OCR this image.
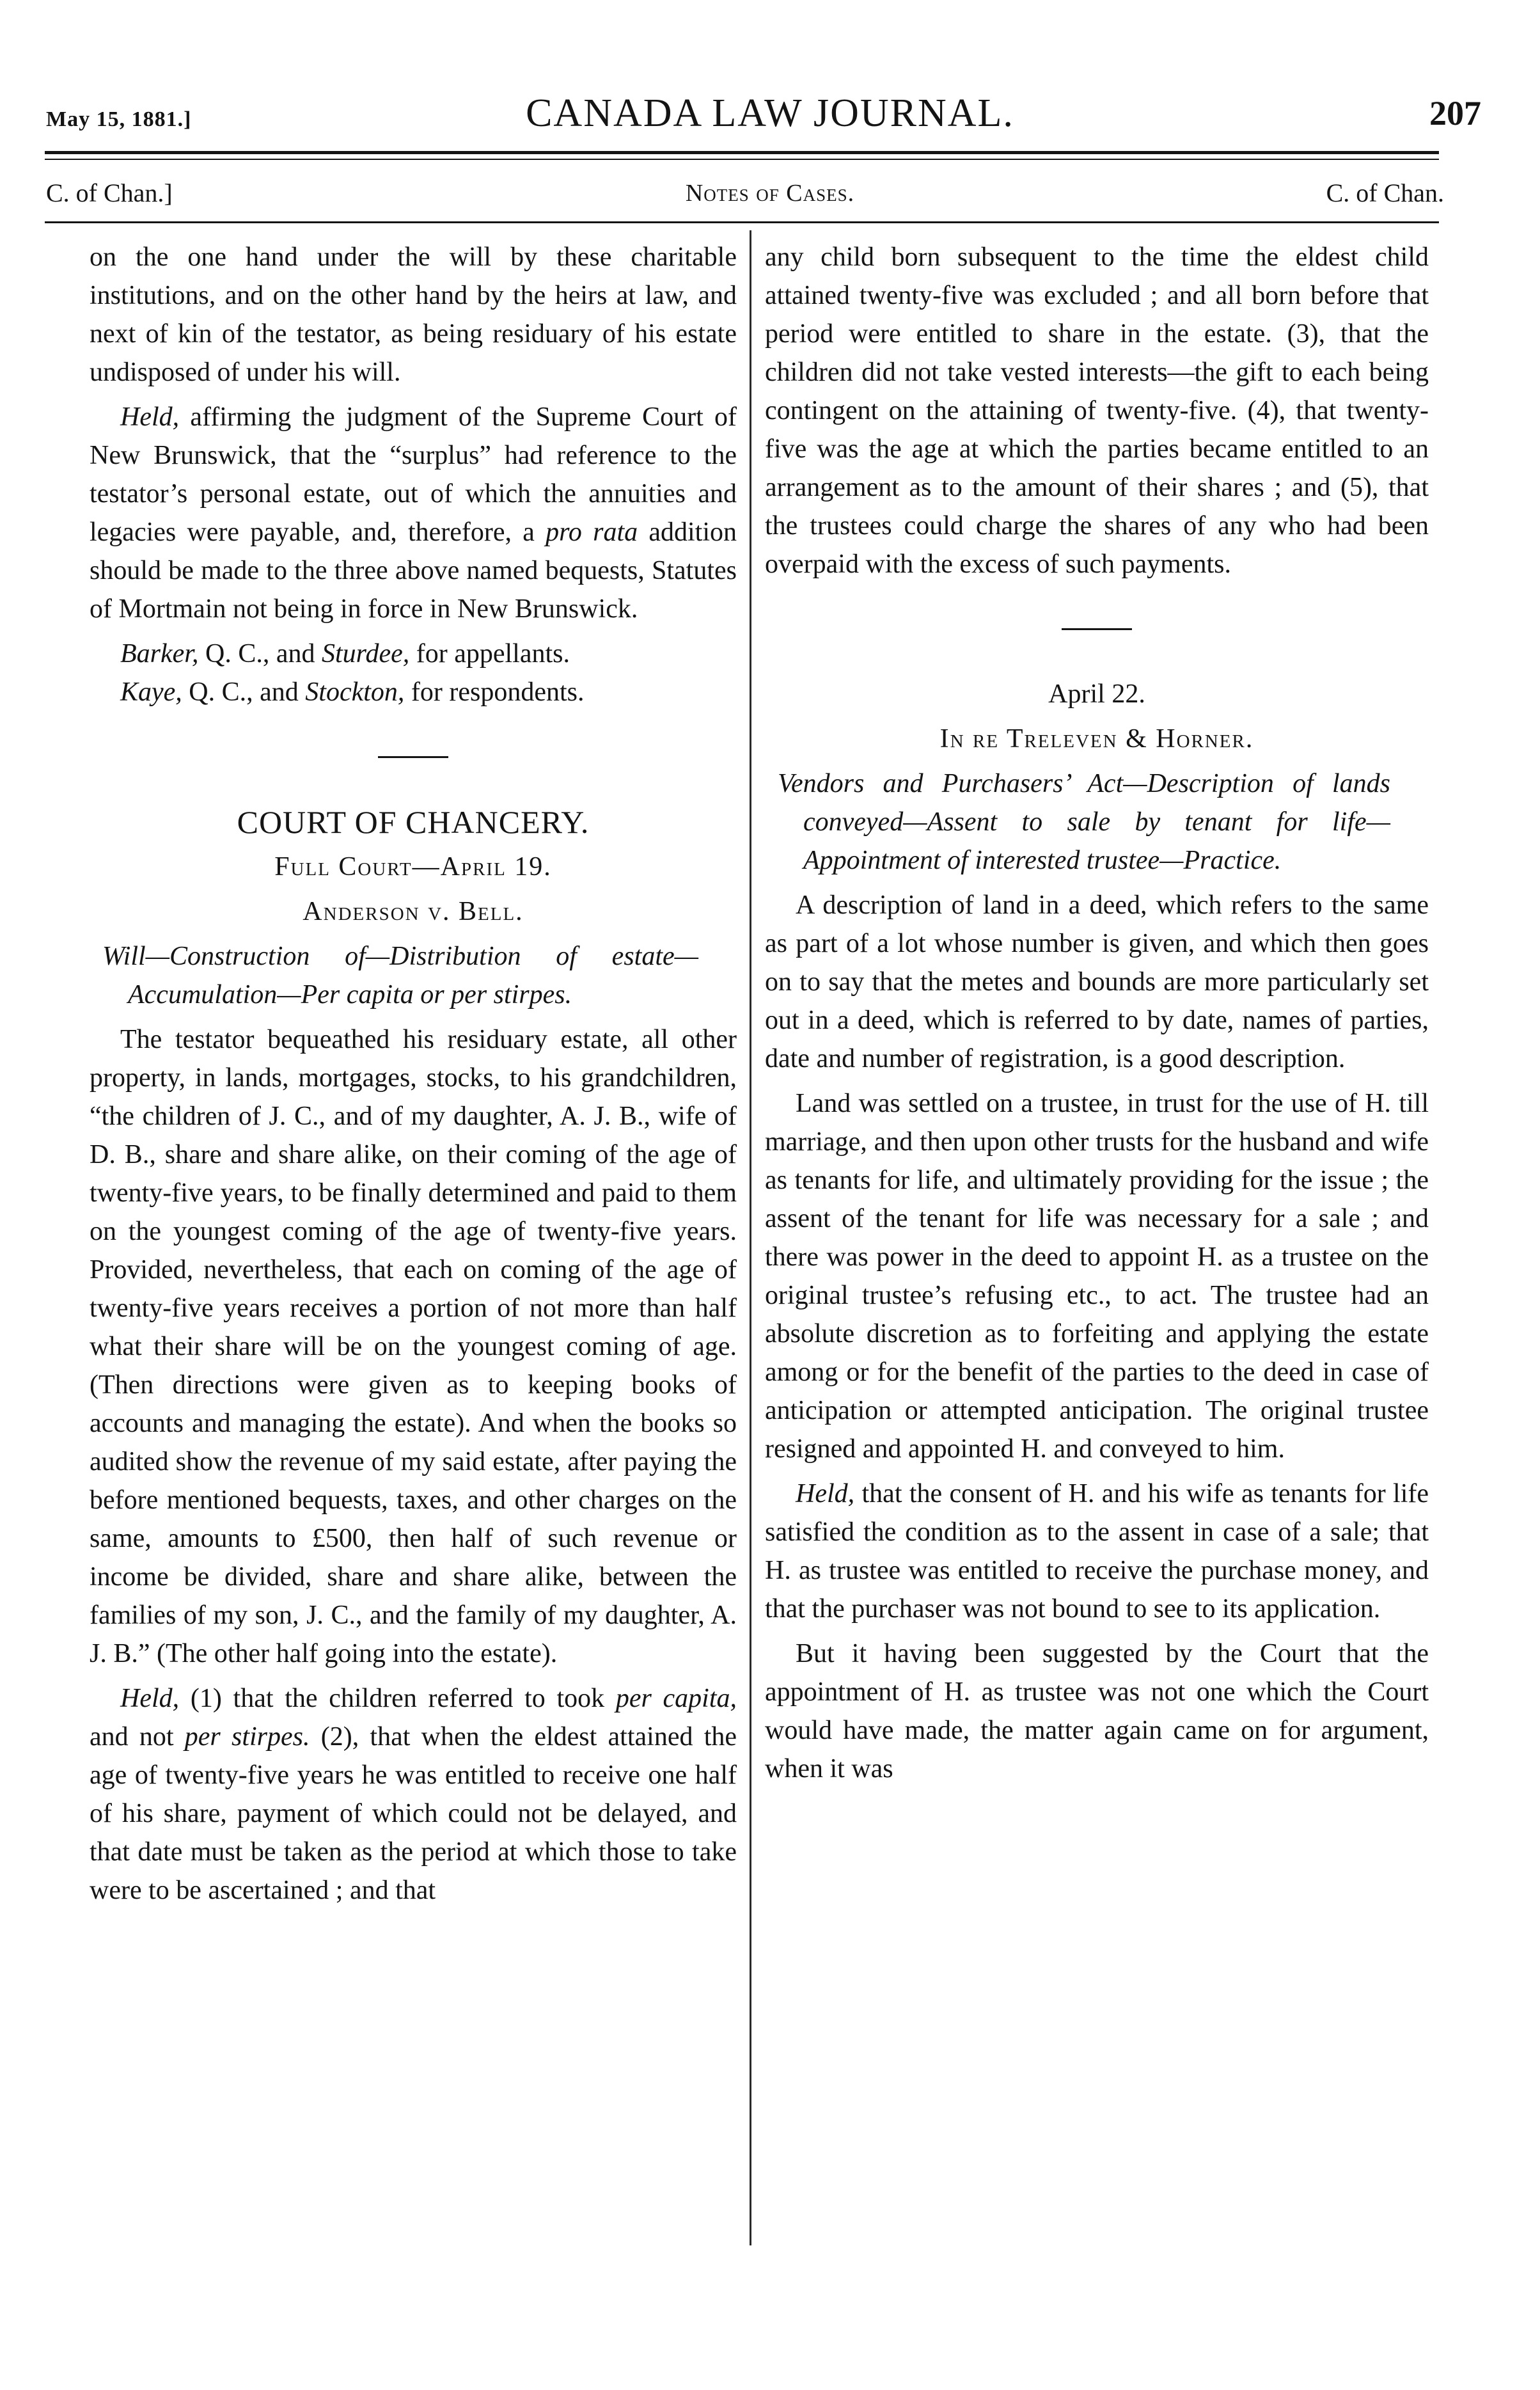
May 15, 1881.]	CANADA LAW JOURNAL.	207
C. of Chan.]	Notes of Cases.	C. of Chan.

on the one hand under the will by these charitable institutions, and on the other hand by the heirs at law, and next of kin of the testator, as being residuary of his estate undisposed of under his will.

Held, affirming the judgment of the Supreme Court of New Brunswick, that the “surplus” had reference to the testator’s personal estate, out of which the annuities and legacies were payable, and, therefore, a pro rata addition should be made to the three above named bequests, Statutes of Mortmain not being in force in New Brunswick.

Barker, Q. C., and Sturdee, for appellants.

Kaye, Q. C., and Stockton, for respondents.

COURT OF CHANCERY.

Full Court—April 19.

Anderson v. Bell.

Will—Construction of—Distribution of estate—Accumulation—Per capita or per stirpes.

The testator bequeathed his residuary estate, all other property, in lands, mortgages, stocks, to his grandchildren, “the children of J. C., and of my daughter, A. J. B., wife of D. B., share and share alike, on their coming of the age of twenty-five years, to be finally determined and paid to them on the youngest coming of the age of twenty-five years. Provided, nevertheless, that each on coming of the age of twenty-five years receives a portion of not more than half what their share will be on the youngest coming of age. (Then directions were given as to keeping books of accounts and managing the estate). And when the books so audited show the revenue of my said estate, after paying the before mentioned bequests, taxes, and other charges on the same, amounts to £500, then half of such revenue or income be divided, share and share alike, between the families of my son, J. C., and the family of my daughter, A. J. B.” (The other half going into the estate).

Held, (1) that the children referred to took per capita, and not per stirpes. (2), that when the eldest attained the age of twenty-five years he was entitled to receive one half of his share, payment of which could not be delayed, and that date must be taken as the period at which those to take were to be ascertained ; and that

any child born subsequent to the time the eldest child attained twenty-five was excluded ; and all born before that period were entitled to share in the estate. (3), that the children did not take vested interests—the gift to each being contingent on the attaining of twenty-five. (4), that twenty-five was the age at which the parties became entitled to an arrangement as to the amount of their shares ; and (5), that the trustees could charge the shares of any who had been overpaid with the excess of such payments.

April 22.

In re Treleven & Horner.

Vendors and Purchasers’ Act—Description of lands conveyed—Assent to sale by tenant for life—Appointment of interested trustee—Practice.

A description of land in a deed, which refers to the same as part of a lot whose number is given, and which then goes on to say that the metes and bounds are more particularly set out in a deed, which is referred to by date, names of parties, date and number of registration, is a good description.

Land was settled on a trustee, in trust for the use of H. till marriage, and then upon other trusts for the husband and wife as tenants for life, and ultimately providing for the issue ; the assent of the tenant for life was necessary for a sale ; and there was power in the deed to appoint H. as a trustee on the original trustee’s refusing etc., to act. The trustee had an absolute discretion as to forfeiting and applying the estate among or for the benefit of the parties to the deed in case of anticipation or attempted anticipation. The original trustee resigned and appointed H. and conveyed to him.

Held, that the consent of H. and his wife as tenants for life satisfied the condition as to the assent in case of a sale; that H. as trustee was entitled to receive the purchase money, and that the purchaser was not bound to see to its application.

But it having been suggested by the Court that the appointment of H. as trustee was not one which the Court would have made, the matter again came on for argument, when it was
